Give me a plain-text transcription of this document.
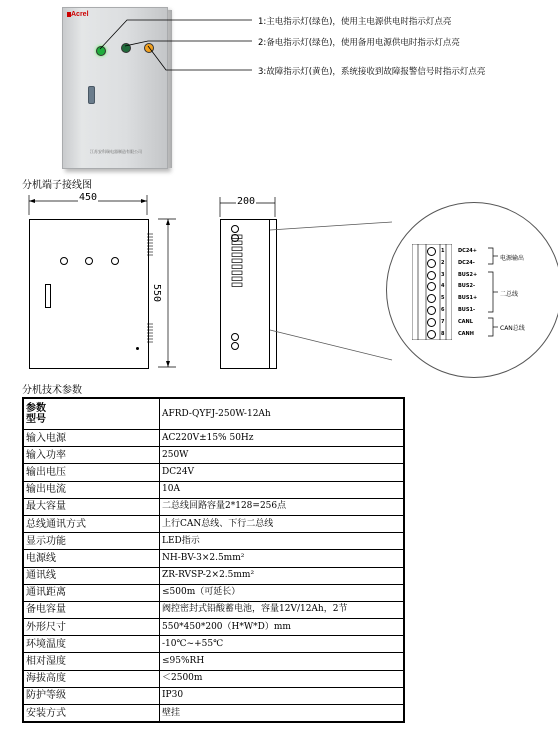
Acrel
江苏安科瑞电器制造有限公司
1:主电指示灯(绿色)，使用主电源供电时指示灯点亮
2:备电指示灯(绿色)，使用备用电源供电时指示灯点亮
3:故障指示灯(黄色)，系统接收到故障报警信号时指示灯点亮
分机端子接线图
450
550
200
1	DC24+
2	DC24-
3	BUS2+
4	BUS2-
5	BUS1+
6	BUS1-
7	CANL
8	CANH
电源输出
二总线
CAN总线
分机技术参数
参数
型号	AFRD-QYFJ-250W-12Ah
输入电源	AC220V±15% 50Hz
输入功率	250W
输出电压	DC24V
输出电流	10A
最大容量	二总线回路容量2*128=256点
总线通讯方式	上行CAN总线、下行二总线
显示功能	LED指示
电源线	NH-BV-3×2.5mm²
通讯线	ZR-RVSP-2×2.5mm²
通讯距离	≤500m（可延长）
备电容量	阀控密封式铅酸蓄电池，容量12V/12Ah，2节
外形尺寸	550*450*200（H*W*D）mm
环境温度	-10℃~+55℃
相对湿度	≤95%RH
海拔高度	＜2500m
防护等级	IP30
安装方式	壁挂
